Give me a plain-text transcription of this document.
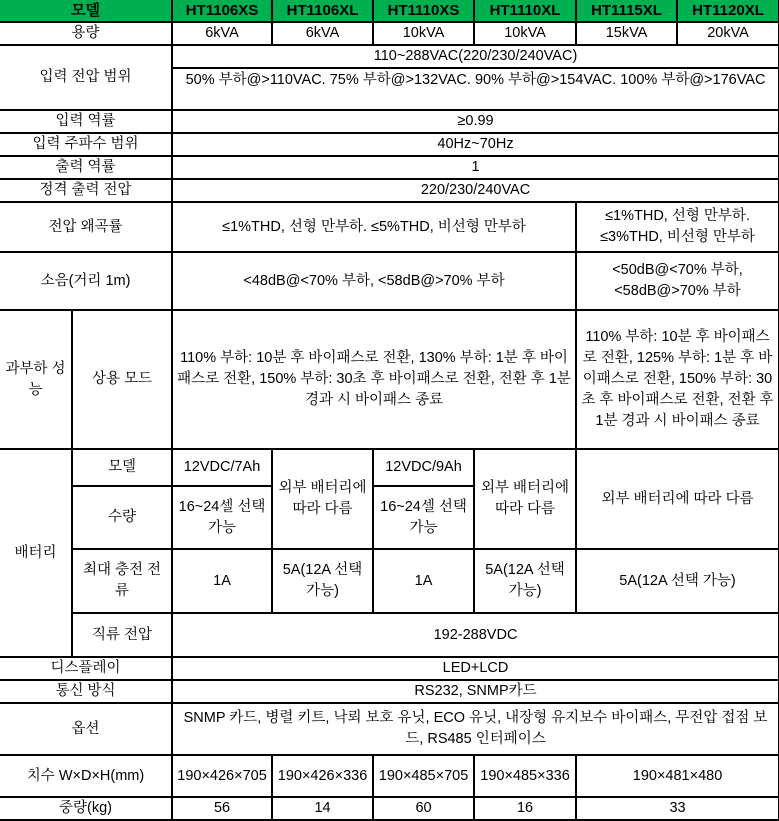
모델		HT1106XS	HT1106XL	HT1110XS	HT1110XL	HT1115XL	HT1120XL
용량		6kVA	6kVA	10kVA	10kVA	15kVA	20kVA
입력 전압 범위		110~288VAC(220/230/240VAC)					
		50% 부하@>110VAC. 75% 부하@>132VAC. 90% 부하@>154VAC. 100% 부하@>176VAC					
입력 역률		≥0.99					
입력 주파수 범위		40Hz~70Hz					
출력 역률		1					
정격 출력 전압		220/230/240VAC					
전압 왜곡률		≤1%THD, 선형 만부하. ≤5%THD, 비선형 만부하				≤1%THD, 선형 만부하. ≤3%THD, 비선형 만부하	
소음(거리 1m)		<48dB@<70% 부하, <58dB@>70% 부하				<50dB@<70% 부하, <58dB@>70% 부하	
과부하 성능	상용 모드	110% 부하: 10분 후 바이패스로 전환, 130% 부하: 1분 후 바이패스로 전환, 150% 부하: 30초 후 바이패스로 전환, 전환 후 1분 경과 시 바이패스 종료				110% 부하: 10분 후 바이패스로 전환, 125% 부하: 1분 후 바이패스로 전환, 150% 부하: 30초 후 바이패스로 전환, 전환 후 1분 경과 시 바이패스 종료	
배터리	모델	12VDC/7Ah	외부 배터리에 따라 다름	12VDC/9Ah	외부 배터리에 따라 다름	외부 배터리에 따라 다름	
	수량	16~24셀 선택 가능		16~24셀 선택 가능			
	최대 충전 전류	1A	5A(12A 선택 가능)	1A	5A(12A 선택 가능)	5A(12A 선택 가능)	
	직류 전압	192-288VDC					
디스플레이		LED+LCD					
통신 방식		RS232, SNMP카드					
옵션		SNMP 카드, 병렬 키트, 낙뢰 보호 유닛, ECO 유닛, 내장형 유지보수 바이패스, 무전압 접점 보드, RS485 인터페이스					
치수 W×D×H(mm)		190×426×705	190×426×336	190×485×705	190×485×336	190×481×480	
중량(kg)		56	14	60	16	33	
